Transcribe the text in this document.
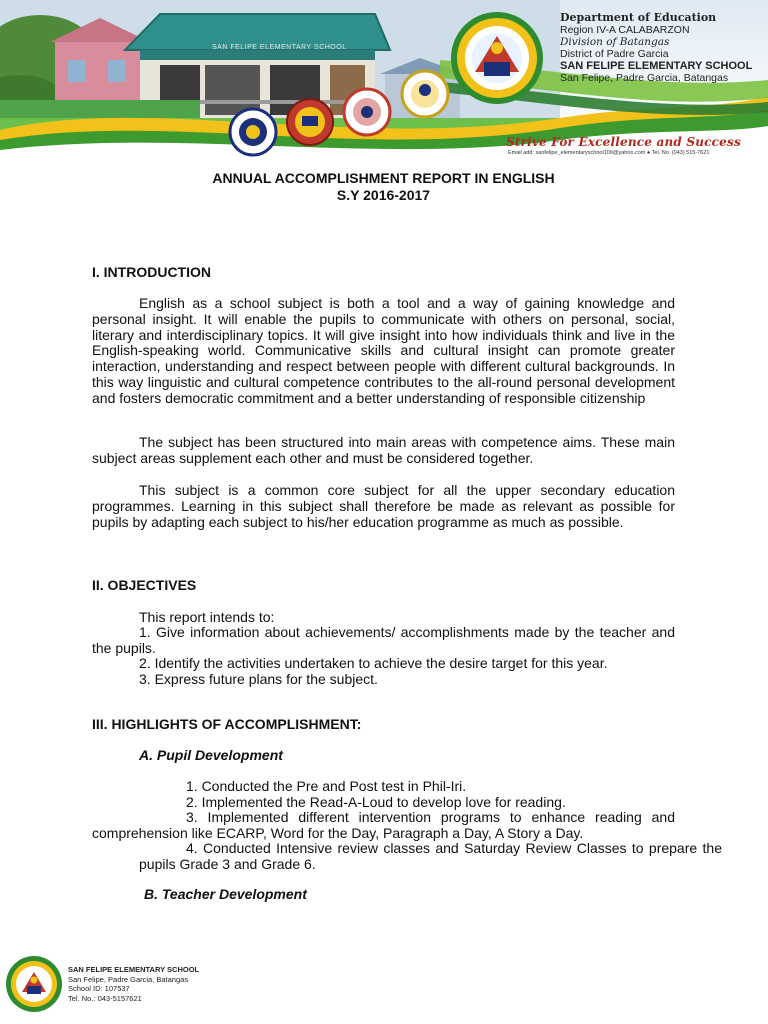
SAN FELIPE ELEMENTARY SCHOOL
Department of Education
Region IV-A CALABARZON
Division of Batangas
District of Padre Garcia
SAN FELIPE ELEMENTARY SCHOOL
San Felipe, Padre Garcia, Batangas
Strive For Excellence and Success
Email add: sanfelipe_elementaryschool109@yahoo.com ● Tel. No. (043) 515-7621

ANNUAL ACCOMPLISHMENT REPORT IN ENGLISH

S.Y 2016-2017

I. INTRODUCTION

English as a school subject is both a tool and a way of gaining knowledge and personal insight. It will enable the pupils to communicate with others on personal, social, literary and interdisciplinary topics. It will give insight into how individuals think and live in the English-speaking world. Communicative skills and cultural insight can promote greater interaction, understanding and respect between people with different cultural backgrounds. In this way linguistic and cultural competence contributes to the all-round personal development and fosters democratic commitment and a better understanding of responsible citizenship

The subject has been structured into main areas with competence aims. These main subject areas supplement each other and must be considered together.

This subject is a common core subject for all the upper secondary education programmes. Learning in this subject shall therefore be made as relevant as possible for pupils by adapting each subject to his/her education programme as much as possible.

II. OBJECTIVES

This report intends to:

1. Give information about achievements/ accomplishments made by the teacher and the pupils.

2. Identify the activities undertaken to achieve the desire target for this year.

3. Express future plans for the subject.

III. HIGHLIGHTS OF ACCOMPLISHMENT:

A. Pupil Development

1. Conducted the Pre and Post test in Phil-Iri.

2. Implemented the Read-A-Loud to develop love for reading.

3. Implemented different intervention programs to enhance reading and comprehension like ECARP, Word for the Day, Paragraph a Day, A Story a Day.

4. Conducted Intensive review classes and Saturday Review Classes to prepare the pupils Grade 3 and Grade 6.

B. Teacher Development

SAN FELIPE ELEMENTARY SCHOOL
San Felipe, Padre Garcia, Batangas
School ID: 107537
Tel. No.: 043-5157621
